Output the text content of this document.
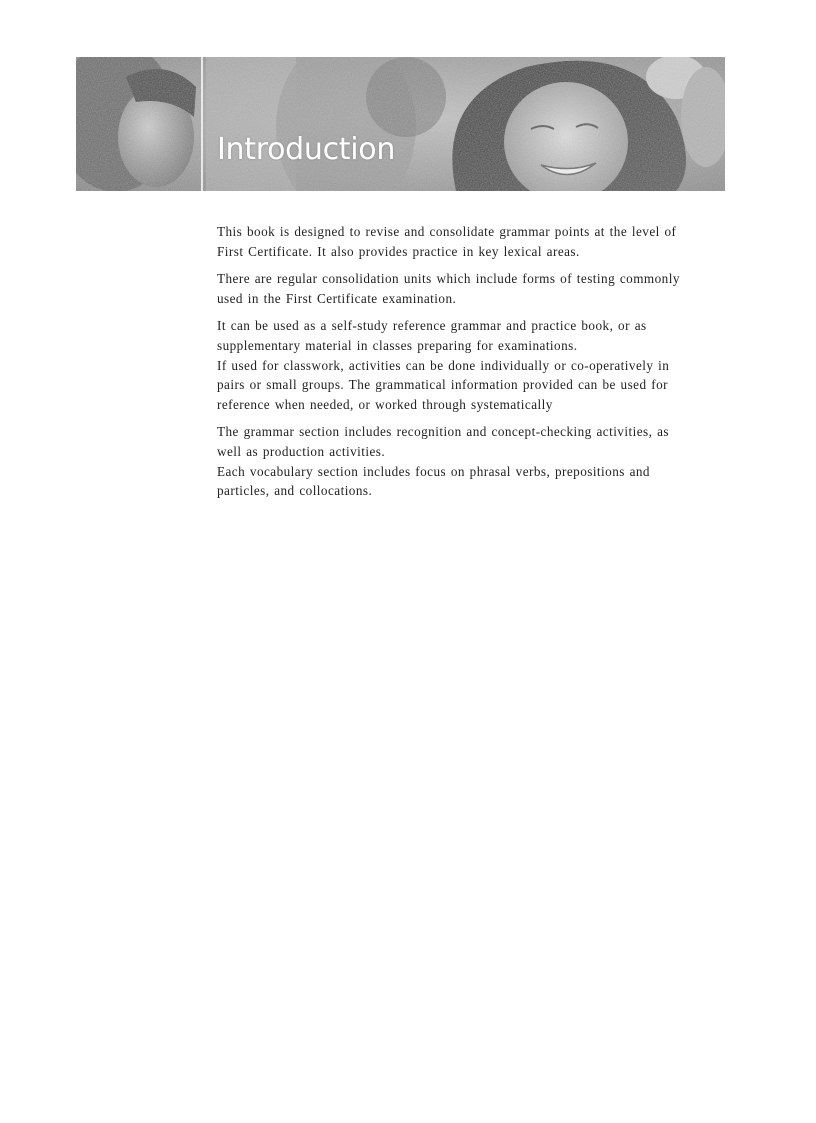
Introduction

This book is designed to revise and consolidate grammar points at the level of
First Certificate. It also provides practice in key lexical areas.

There are regular consolidation units which include forms of testing commonly
used in the First Certificate examination.

It can be used as a self-study reference grammar and practice book, or as
supplementary material in classes preparing for examinations.
If used for classwork, activities can be done individually or co-operatively in
pairs or small groups. The grammatical information provided can be used for
reference when needed, or worked through systematically

The grammar section includes recognition and concept-checking activities, as
well as production activities.
Each vocabulary section includes focus on phrasal verbs, prepositions and
particles, and collocations.
